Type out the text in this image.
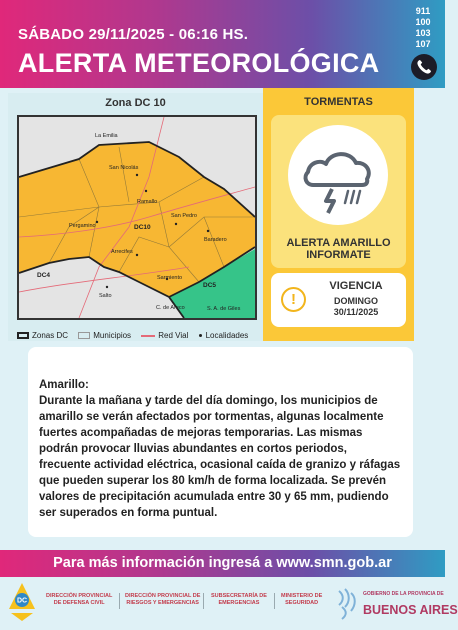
SÁBADO 29/11/2025 - 06:16 HS.
ALERTA METEOROLÓGICA
911
100
103
107
Zona DC 10
La Emilia
San Nicolás
Ramallo
Pergamino	DC10
San Pedro
Baradero
Arrecifes
Sarmiento
Salto
C. de Areco	S. A. de Giles
DC4
DC5
Zonas DC	Municipios	Red Vial Localidades
TORMENTAS
ALERTA AMARILLO
INFORMATE
!
VIGENCIA
DOMINGO
30/11/2025

Amarillo:

Durante la mañana y tarde del día domingo, los municipios de amarillo se verán afectados por tormentas, algunas localmente fuertes acompañadas de mejoras temporarias. Las mismas podrán provocar lluvias abundantes en cortos periodos, frecuente actividad eléctrica, ocasional caída de granizo y ráfagas que pueden superar los 80 km/h de forma localizada. Se prevén valores de precipitación acumulada entre 30 y 65 mm, pudiendo ser superados en forma puntual.

Para más información ingresá a www.smn.gob.ar
DC
DIRECCIÓN PROVINCIAL
DE DEFENSA CIVIL
DIRECCIÓN PROVINCIAL DE
RIESGOS Y EMERGENCIAS
SUBSECRETARÍA DE
EMERGENCIAS
MINISTERIO DE
SEGURIDAD
GOBIERNO DE LA PROVINCIA DE
BUENOS AIRES
